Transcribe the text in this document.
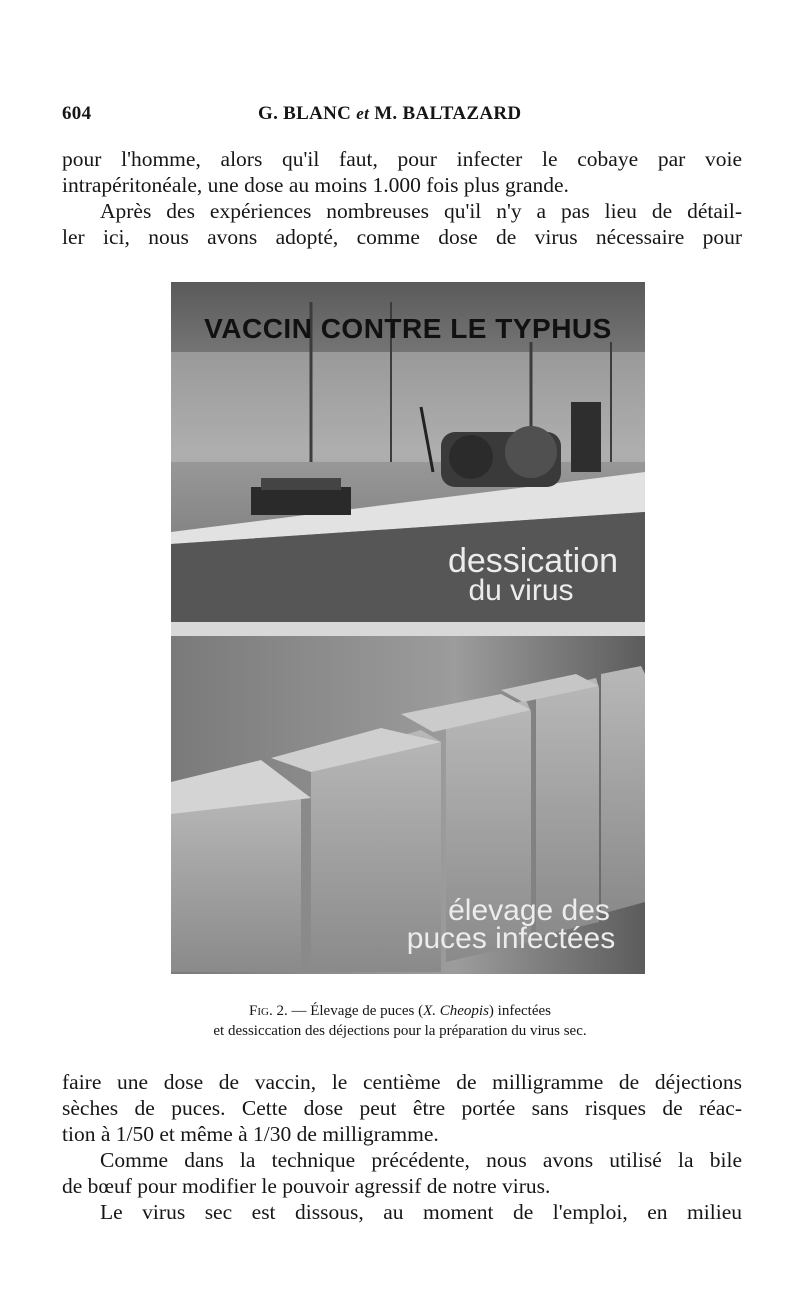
604	G. BLANC et M. BALTAZARD
pour l'homme, alors qu'il faut, pour infecter le cobaye par voie
intrapéritonéale, une dose au moins 1.000 fois plus grande.
Après des expériences nombreuses qu'il n'y a pas lieu de détail-
ler ici, nous avons adopté, comme dose de virus nécessaire pour
VACCIN CONTRE LE TYPHUS
dessication
du virus
élevage des
puces infectées
Fig. 2. — Élevage de puces (X. Cheopis) infectées
et dessiccation des déjections pour la préparation du virus sec.
faire une dose de vaccin, le centième de milligramme de déjections
sèches de puces. Cette dose peut être portée sans risques de réac-
tion à 1/50 et même à 1/30 de milligramme.
Comme dans la technique précédente, nous avons utilisé la bile
de bœuf pour modifier le pouvoir agressif de notre virus.
Le virus sec est dissous, au moment de l'emploi, en milieu
